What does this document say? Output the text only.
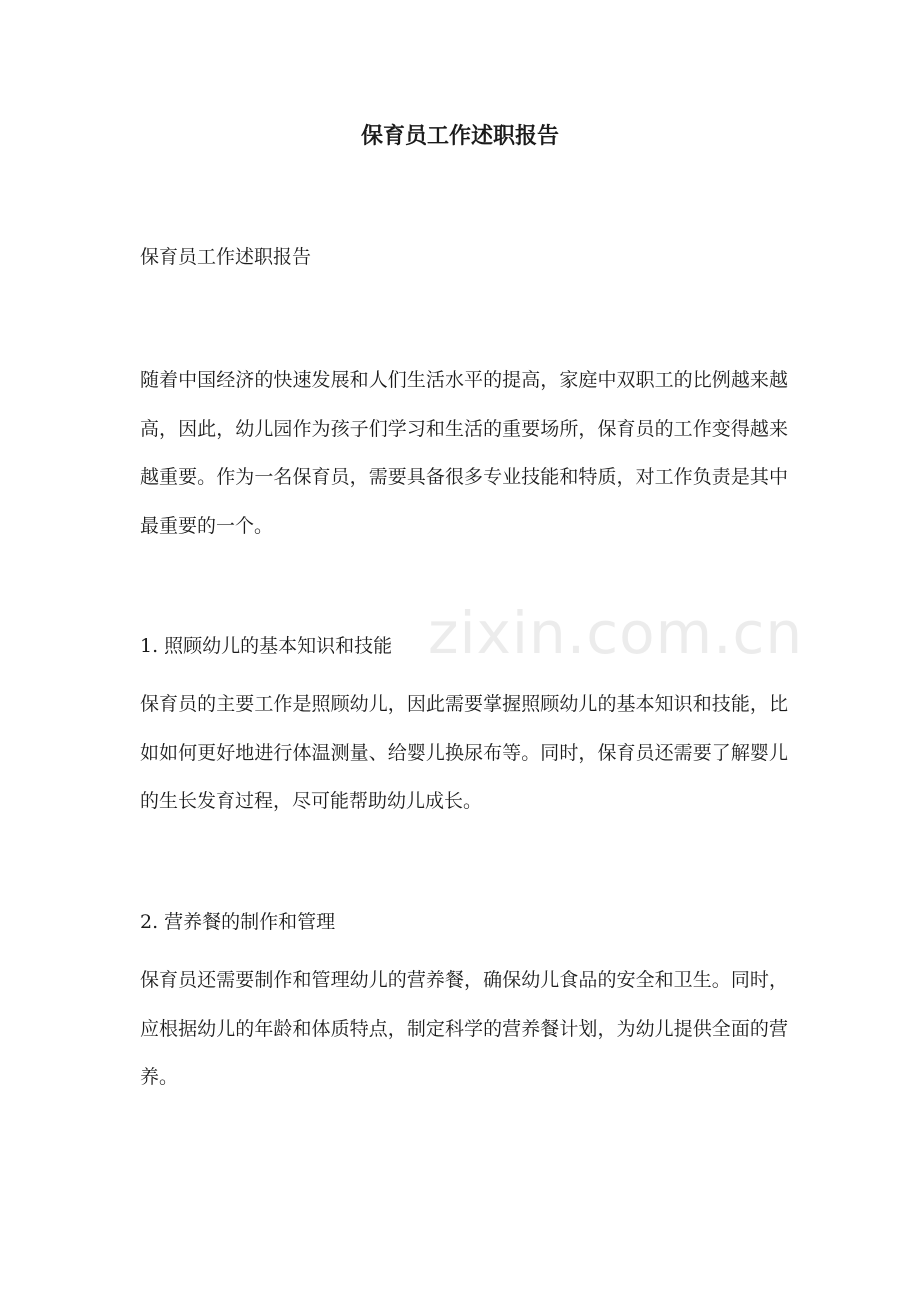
保育员工作述职报告

保育员工作述职报告

随着中国经济的快速发展和人们生活水平的提高，家庭中双职工的比例越来越高，因此，幼儿园作为孩子们学习和生活的重要场所，保育员的工作变得越来越重要。作为一名保育员，需要具备很多专业技能和特质，对工作负责是其中最重要的一个。

1. 照顾幼儿的基本知识和技能

保育员的主要工作是照顾幼儿，因此需要掌握照顾幼儿的基本知识和技能，比如如何更好地进行体温测量、给婴儿换尿布等。同时，保育员还需要了解婴儿的生长发育过程，尽可能帮助幼儿成长。

2. 营养餐的制作和管理

保育员还需要制作和管理幼儿的营养餐，确保幼儿食品的安全和卫生。同时，应根据幼儿的年龄和体质特点，制定科学的营养餐计划，为幼儿提供全面的营养。

zixin.com.cn
